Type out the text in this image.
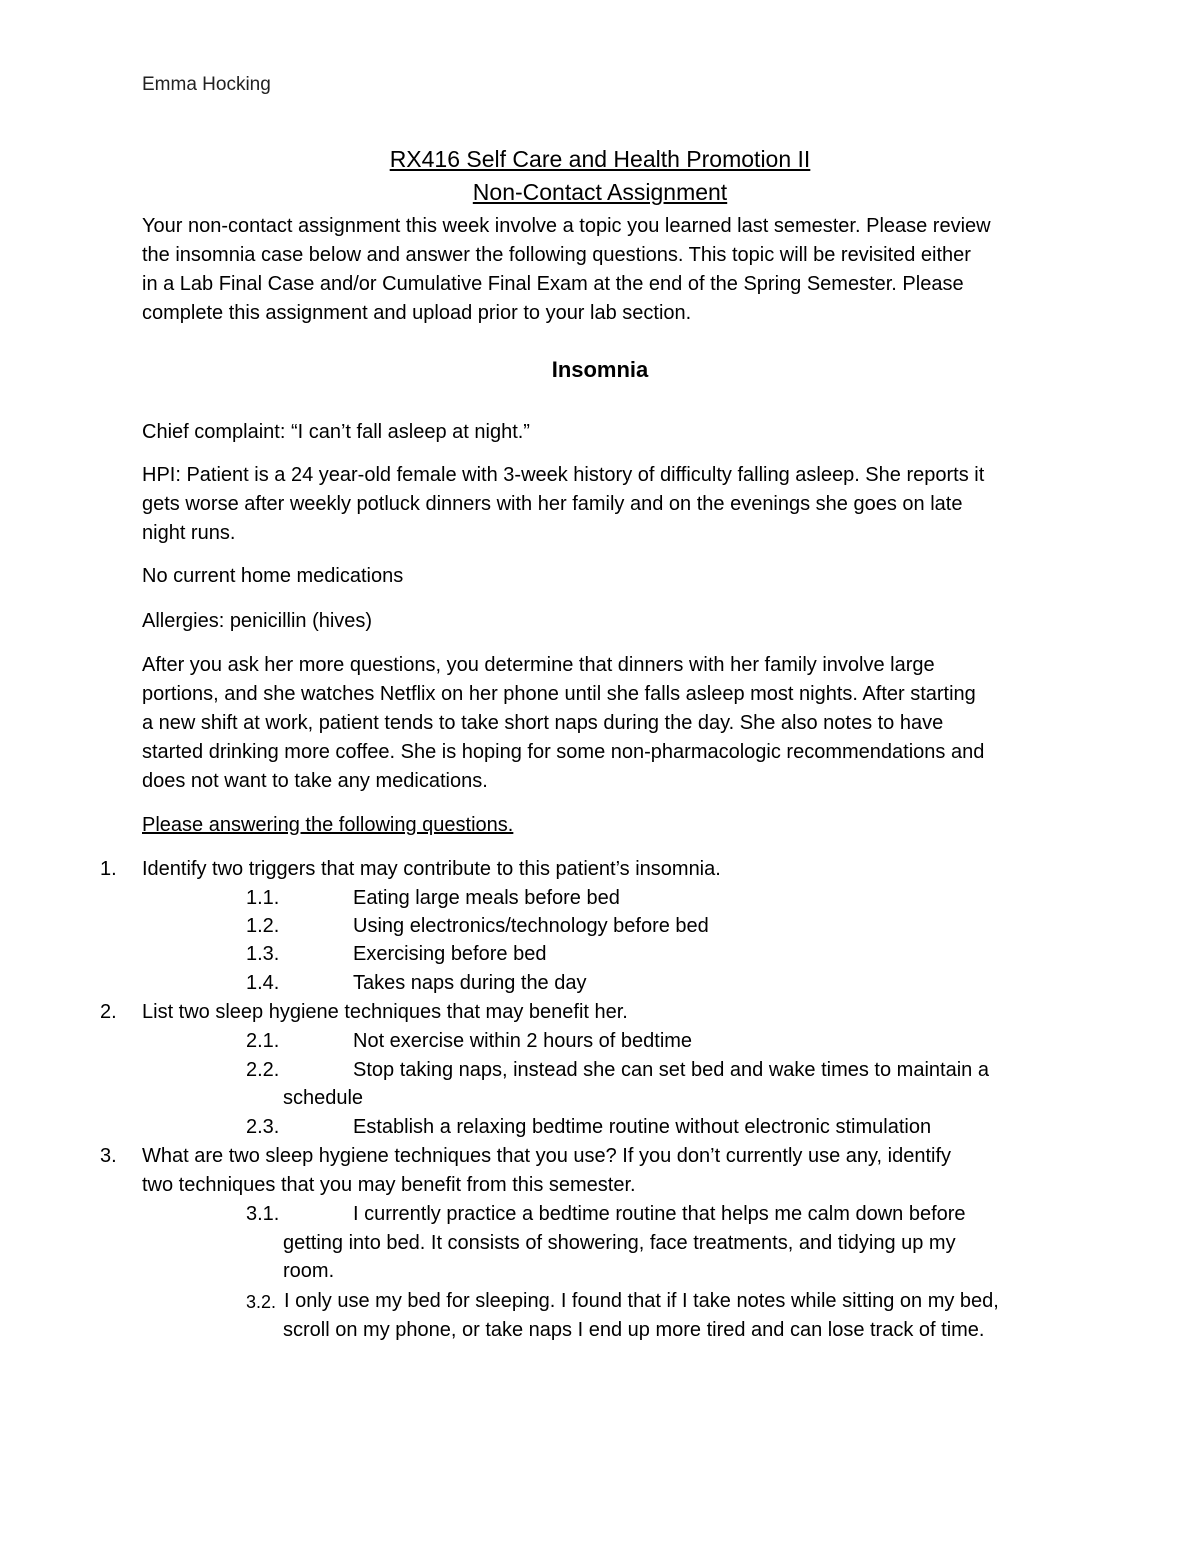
Emma Hocking
RX416 Self Care and Health Promotion II
Non-Contact Assignment
Your non-contact assignment this week involve a topic you learned last semester. Please review
the insomnia case below and answer the following questions. This topic will be revisited either
in a Lab Final Case and/or Cumulative Final Exam at the end of the Spring Semester. Please
complete this assignment and upload prior to your lab section.
Insomnia
Chief complaint: “I can’t fall asleep at night.”
HPI: Patient is a 24 year-old female with 3-week history of difficulty falling asleep. She reports it
gets worse after weekly potluck dinners with her family and on the evenings she goes on late
night runs.
No current home medications
Allergies: penicillin (hives)
After you ask her more questions, you determine that dinners with her family involve large
portions, and she watches Netflix on her phone until she falls asleep most nights. After starting
a new shift at work, patient tends to take short naps during the day. She also notes to have
started drinking more coffee. She is hoping for some non-pharmacologic recommendations and
does not want to take any medications.
Please answering the following questions.
1.	Identify two triggers that may contribute to this patient’s insomnia.
1.1.	Eating large meals before bed
1.2.	Using electronics/technology before bed
1.3.	Exercising before bed
1.4.	Takes naps during the day
2.	List two sleep hygiene techniques that may benefit her.
2.1.	Not exercise within 2 hours of bedtime
2.2.	Stop taking naps, instead she can set bed and wake times to maintain a
schedule
2.3.	Establish a relaxing bedtime routine without electronic stimulation
3.	What are two sleep hygiene techniques that you use? If you don’t currently use any, identify
two techniques that you may benefit from this semester.
3.1.	I currently practice a bedtime routine that helps me calm down before
getting into bed. It consists of showering, face treatments, and tidying up my
room.
3.2. I only use my bed for sleeping. I found that if I take notes while sitting on my bed,
scroll on my phone, or take naps I end up more tired and can lose track of time.
